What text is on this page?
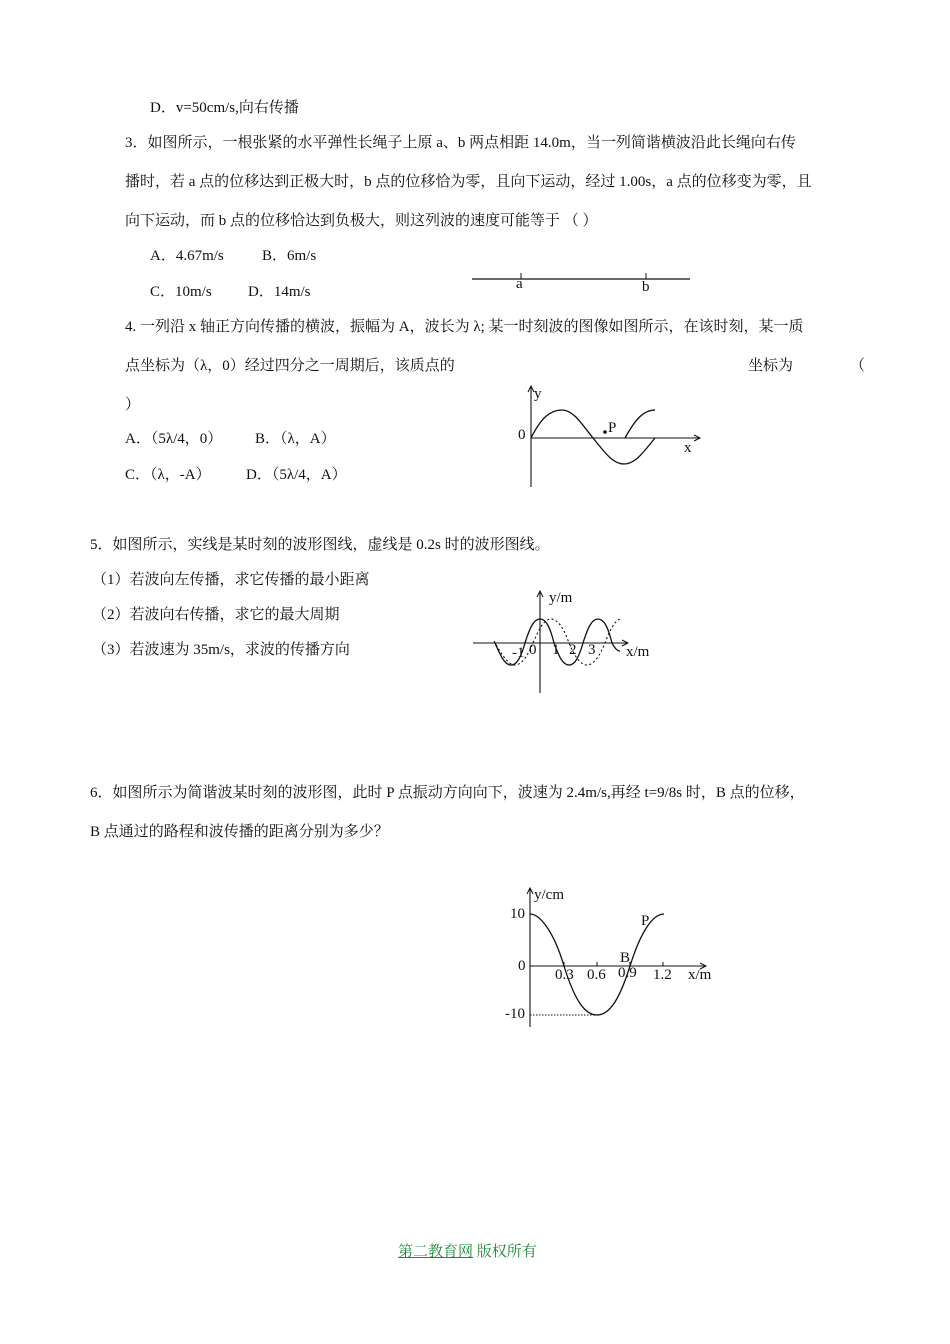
D．v=50cm/s,向右传播
3．如图所示，一根张紧的水平弹性长绳子上原 a、b 两点相距 14.0m，当一列简谐横波沿此长绳向右传
播时，若 a 点的位移达到正极大时，b 点的位移恰为零，且向下运动，经过 1.00s，a 点的位移变为零，且
向下运动，而 b 点的位移恰达到负极大，则这列波的速度可能等于 （ ）
A．4.67m/s	B．6m/s
C．10m/s D．14m/s	a	b
4. 一列沿 x 轴正方向传播的横波，振幅为 A，波长为 λ; 某一时刻波的图像如图所示，在该时刻，某一质
点坐标为（λ，0）经过四分之一周期后，该质点的	坐标为	（
）
A．（5λ/4，0） B．（λ，A）
C．（λ，-A） D．（5λ/4，A）
P
y
0
x
5．如图所示，实线是某时刻的波形图线，虚线是 0.2s 时的波形图线。
（1）若波向左传播，求它传播的最小距离
（2）若波向右传播，求它的最大周期
（3）若波速为 35m/s，求波的传播方向
y/m
x/m
-1 0 1 2 3
6．如图所示为简谐波某时刻的波形图，此时 P 点振动方向向下，波速为 2.4m/s,再经 t=9/8s 时，B 点的位移，
B 点通过的路程和波传播的距离分别为多少？
y/cm
10
0
-10
0.3 0.6 0.9 1.2 x/m
P
B
第二教育网 版权所有
